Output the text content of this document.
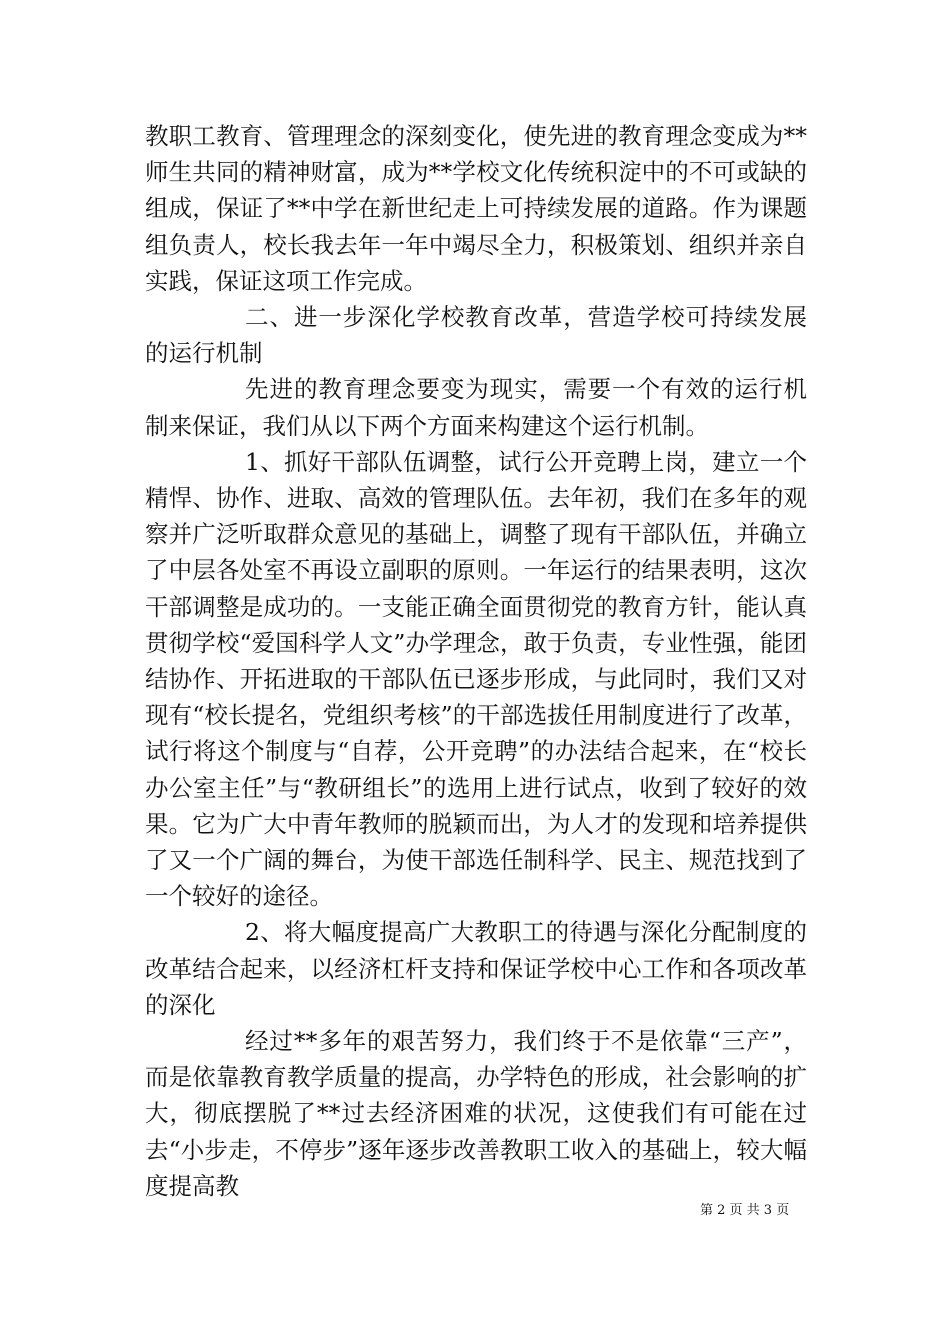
教职工教育、管理理念的深刻变化，使先进的教育理念变成为**师生共同的精神财富，成为**学校文化传统积淀中的不可或缺的组成，保证了**中学在新世纪走上可持续发展的道路。作为课题组负责人，校长我去年一年中竭尽全力，积极策划、组织并亲自实践，保证这项工作完成。

二、进一步深化学校教育改革，营造学校可持续发展的运行机制

先进的教育理念要变为现实，需要一个有效的运行机制来保证，我们从以下两个方面来构建这个运行机制。

1、抓好干部队伍调整，试行公开竞聘上岗，建立一个精悍、协作、进取、高效的管理队伍。去年初，我们在多年的观察并广泛听取群众意见的基础上，调整了现有干部队伍，并确立了中层各处室不再设立副职的原则。一年运行的结果表明，这次干部调整是成功的。一支能正确全面贯彻党的教育方针，能认真贯彻学校“爱国科学人文”办学理念，敢于负责，专业性强，能团结协作、开拓进取的干部队伍已逐步形成，与此同时，我们又对现有“校长提名，党组织考核”的干部选拔任用制度进行了改革，试行将这个制度与“自荐，公开竞聘”的办法结合起来，在“校长办公室主任”与“教研组长”的选用上进行试点，收到了较好的效果。它为广大中青年教师的脱颖而出，为人才的发现和培养提供了又一个广阔的舞台，为使干部选任制科学、民主、规范找到了一个较好的途径。

2、将大幅度提高广大教职工的待遇与深化分配制度的改革结合起来，以经济杠杆支持和保证学校中心工作和各项改革的深化

经过**多年的艰苦努力，我们终于不是依靠“三产”，而是依靠教育教学质量的提高，办学特色的形成，社会影响的扩大，彻底摆脱了**过去经济困难的状况，这使我们有可能在过去“小步走，不停步”逐年逐步改善教职工收入的基础上，较大幅度提高教

第 2 页 共 3 页
